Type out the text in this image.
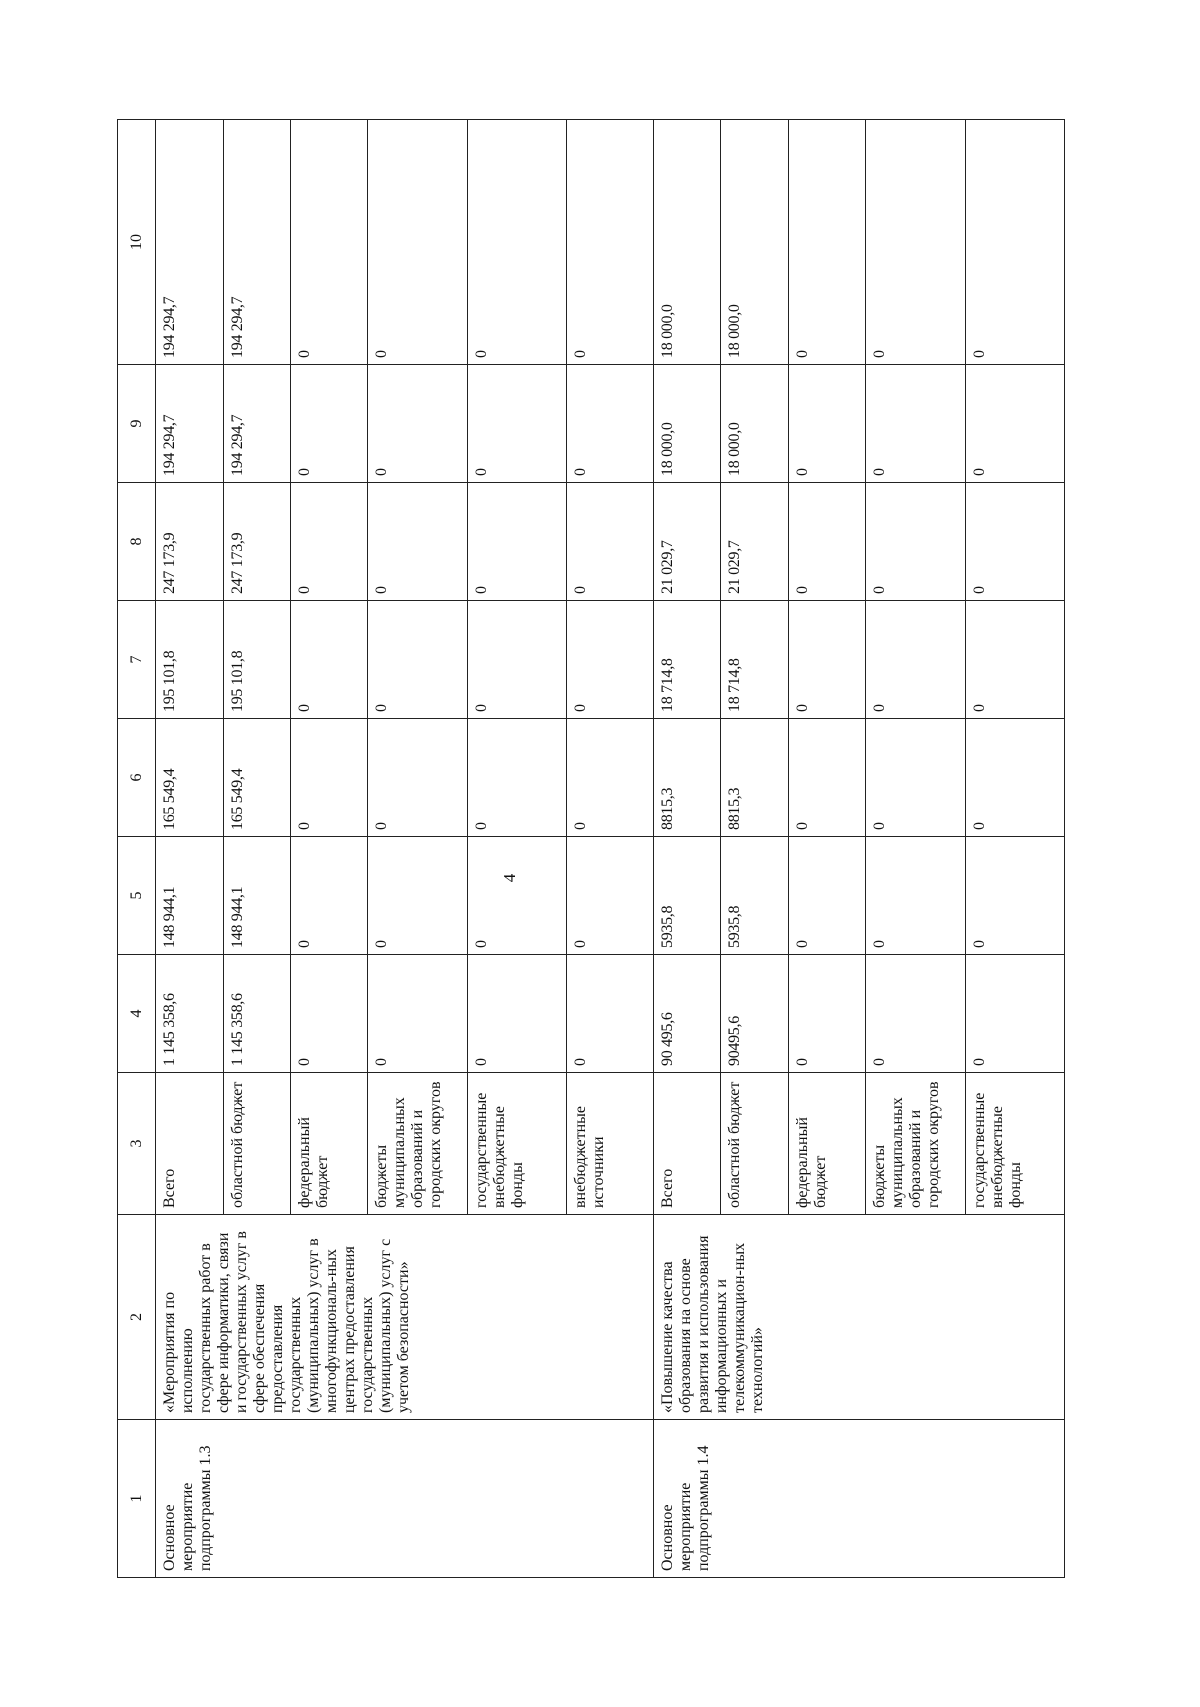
4
1	2	3	4	5	6	7	8	9	10
Основное мероприятие подпрограммы 1.3	«Мероприятия по исполнению государственных работ в сфере информатики, связи и государственных услуг в сфере обеспечения предоставления государственных (муниципальных) услуг в многофункциональ-ных центрах предоставления государственных (муниципальных) услуг с учетом безопасности»	Всего	1 145 358,6	148 944,1	165 549,4	195 101,8	247 173,9	194 294,7	194 294,7
		областной бюджет	1 145 358,6	148 944,1	165 549,4	195 101,8	247 173,9	194 294,7	194 294,7
		федеральный бюджет	0	0	0	0	0	0	0
		бюджеты муниципальных образований и городских округов	0	0	0	0	0	0	0
		государственные внебюджетные фонды	0	0	0	0	0	0	0
		внебюджетные источники	0	0	0	0	0	0	0
Основное мероприятие подпрограммы 1.4	«Повышение качества образования на основе развития и использования информационных и телекоммуникацион-ных технологий»	Всего	90 495,6	5935,8	8815,3	18 714,8	21 029,7	18 000,0	18 000,0
		областной бюджет	90495,6	5935,8	8815,3	18 714,8	21 029,7	18 000,0	18 000,0
		федеральный бюджет	0	0	0	0	0	0	0
		бюджеты муниципальных образований и городских округов	0	0	0	0	0	0	0
		государственные внебюджетные фонды	0	0	0	0	0	0	0
